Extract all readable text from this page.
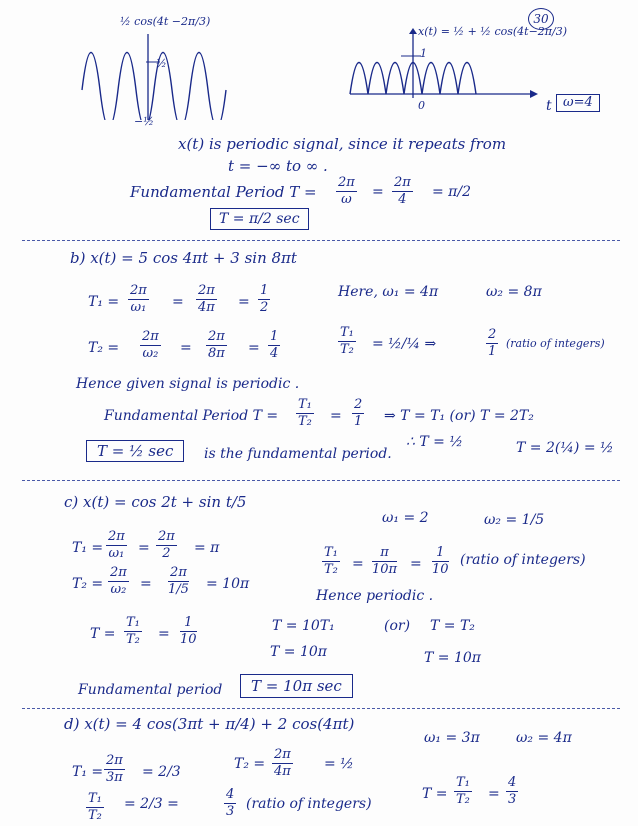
30
½ cos(4t −2π/3)
½
−½
x(t) = ½ + ½ cos(4t−2π/3)
1
0	t ω=4
x(t) is periodic signal, since it repeats from
t = −∞ to ∞ .
Fundamental Period $T = \frac{2\pi}{\omega} = \frac{2\pi}{4} = \pi/2$
T = π/2 sec
b) x(t) = 5 cos 4πt + 3 sin 8πt
$T_1 = \frac{2\pi}{\text{ω₁}} = \frac{2\pi}{4\pi} = \frac{1}{2}$	Here, ω₁ = 4π	ω₂ = 8π
$T_2 = \frac{2\pi}{\text{ω₂}} = \frac{2\pi}{8\pi} = \frac{1}{4}$	$\frac{\text{T₁}}{\text{T₂}}$ = ½/¼ ⇒	$\frac{2}{1}$ (ratio of integers)
Hence given signal is periodic .
Fundamental Period $T = \frac{\text{T₁}}{\text{T₂}} = \frac{2}{1}$ ⇒ T = T₁ (or) T = 2T₂
T = ½ sec	is the fundamental period.
∴ T = ½	T = 2(¼) = ½
c) x(t) = cos 2t + sin t/5
ω₁ = 2	ω₂ = 1/5
$T_1 = \frac{2\pi}{\text{ω₁}} = \frac{2\pi}{2} = \pi$
$T_2 = \frac{2\pi}{\text{ω₂}} = \frac{2\pi}{1/5} = 10\pi$
$\frac{\text{T₁}}{\text{T₂}} = \frac{\pi}{10\pi} = \frac{1}{10}$ (ratio of integers)
Hence periodic .
$T = \frac{\text{T₁}}{\text{T₂}} = \frac{1}{10}$	T = 10T₁	(or) T = T₂
T = 10π	T = 10π
Fundamental period	T = 10π sec
d) x(t) = 4 cos(3πt + π/4) + 2 cos(4πt)
ω₁ = 3π	ω₂ = 4π
$T_1 = \frac{2\pi}{3\pi} = 2/3$	$T_2 = \frac{2\pi}{4\pi}$ = ½
$T = \frac{\text{T₁}}{\text{T₂}} = \frac{4}{3}$
$\frac{\text{T₁}}{\text{T₂}} = 2/3$ =	$\frac{4}{3}$ (ratio of integers)
